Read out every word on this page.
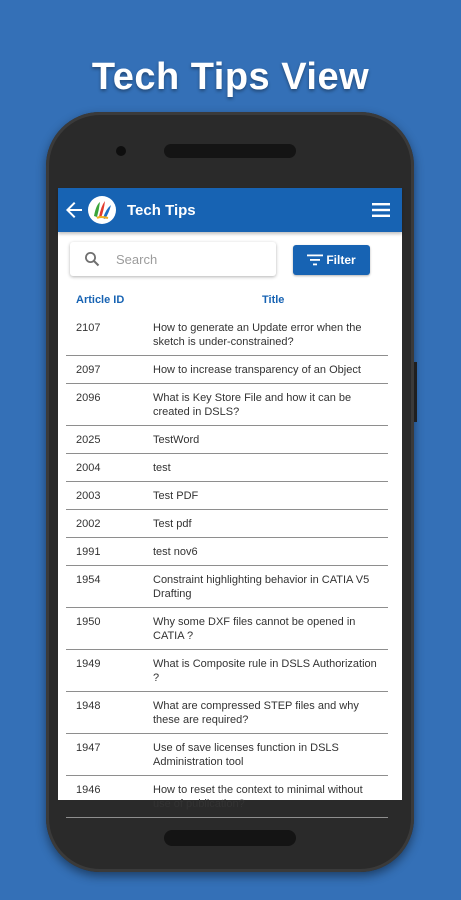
Tech Tips View
Tech Tips
Search
Filter
Article ID	Title
2107	How to generate an Update error when the sketch is under-constrained?
2097	How to increase transparency of an Object
2096	What is Key Store File and how it can be created in DSLS?
2025	TestWord
2004	test
2003	Test PDF
2002	Test pdf
1991	test nov6
1954	Constraint highlighting behavior in CATIA V5 Drafting
1950	Why some DXF files cannot be opened in CATIA ?
1949	What is Composite rule in DSLS Authorization ?
1948	What are compressed STEP files and why these are required?
1947	Use of save licenses function in DSLS Administration tool
1946	How to reset the context to minimal without use of publication?
